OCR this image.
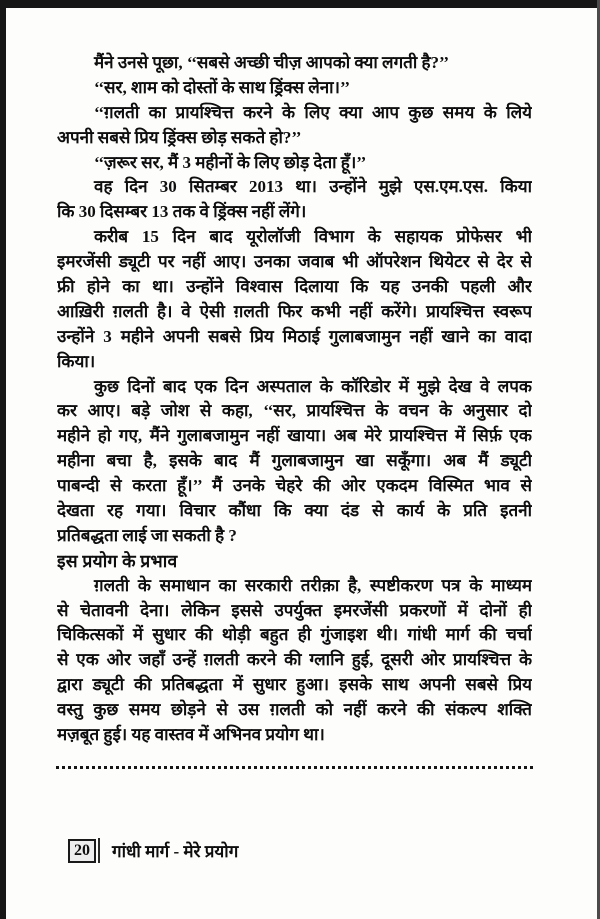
मैंने उनसे पूछा, ‘‘सबसे अच्छी चीज़ आपको क्या लगती है?’’
‘‘सर, शाम को दोस्तों के साथ ड्रिंक्स लेना।’’
‘‘ग़लती का प्रायश्चित्त करने के लिए क्या आप कुछ समय के लिये
अपनी सबसे प्रिय ड्रिंक्स छोड़ सकते हो?’’
‘‘ज़रूर सर, मैं 3 महीनों के लिए छोड़ देता हूँ।’’
वह दिन 30 सितम्बर 2013 था। उन्होंने मुझे एस.एम.एस. किया
कि 30 दिसम्बर 13 तक वे ड्रिंक्स नहीं लेंगे।
करीब 15 दिन बाद यूरोलॉजी विभाग के सहायक प्रोफेसर भी
इमरजेंसी ड्यूटी पर नहीं आए। उनका जवाब भी ऑपरेशन थियेटर से देर से
फ्री होने का था। उन्होंने विश्वास दिलाया कि यह उनकी पहली और
आख़िरी ग़लती है। वे ऐसी ग़लती फिर कभी नहीं करेंगे। प्रायश्चित्त स्वरूप
उन्होंने 3 महीने अपनी सबसे प्रिय मिठाई गुलाबजामुन नहीं खाने का वादा
किया।
कुछ दिनों बाद एक दिन अस्पताल के कॉरिडोर में मुझे देख वे लपक
कर आए। बड़े जोश से कहा, ‘‘सर, प्रायश्चित्त के वचन के अनुसार दो
महीने हो गए, मैंने गुलाबजामुन नहीं खाया। अब मेरे प्रायश्चित्त में सिर्फ़ एक
महीना बचा है, इसके बाद मैं गुलाबजामुन खा सकूँगा। अब मैं ड्यूटी
पाबन्दी से करता हूँ।’’ मैं उनके चेहरे की ओर एकदम विस्मित भाव से
देखता रह गया। विचार कौंधा कि क्या दंड से कार्य के प्रति इतनी
प्रतिबद्धता लाई जा सकती है ?
इस प्रयोग के प्रभाव
ग़लती के समाधान का सरकारी तरीक़ा है, स्पष्टीकरण पत्र के माध्यम
से चेतावनी देना। लेकिन इससे उपर्युक्त इमरजेंसी प्रकरणों में दोनों ही
चिकित्सकों में सुधार की थोड़ी बहुत ही गुंजाइश थी। गांधी मार्ग की चर्चा
से एक ओर जहाँ उन्हें ग़लती करने की ग्लानि हुई, दूसरी ओर प्रायश्चित्त के
द्वारा ड्यूटी की प्रतिबद्धता में सुधार हुआ। इसके साथ अपनी सबसे प्रिय
वस्तु कुछ समय छोड़ने से उस ग़लती को नहीं करने की संकल्प शक्ति
मज़बूत हुई। यह वास्तव में अभिनव प्रयोग था।
20	गांधी मार्ग - मेरे प्रयोग
